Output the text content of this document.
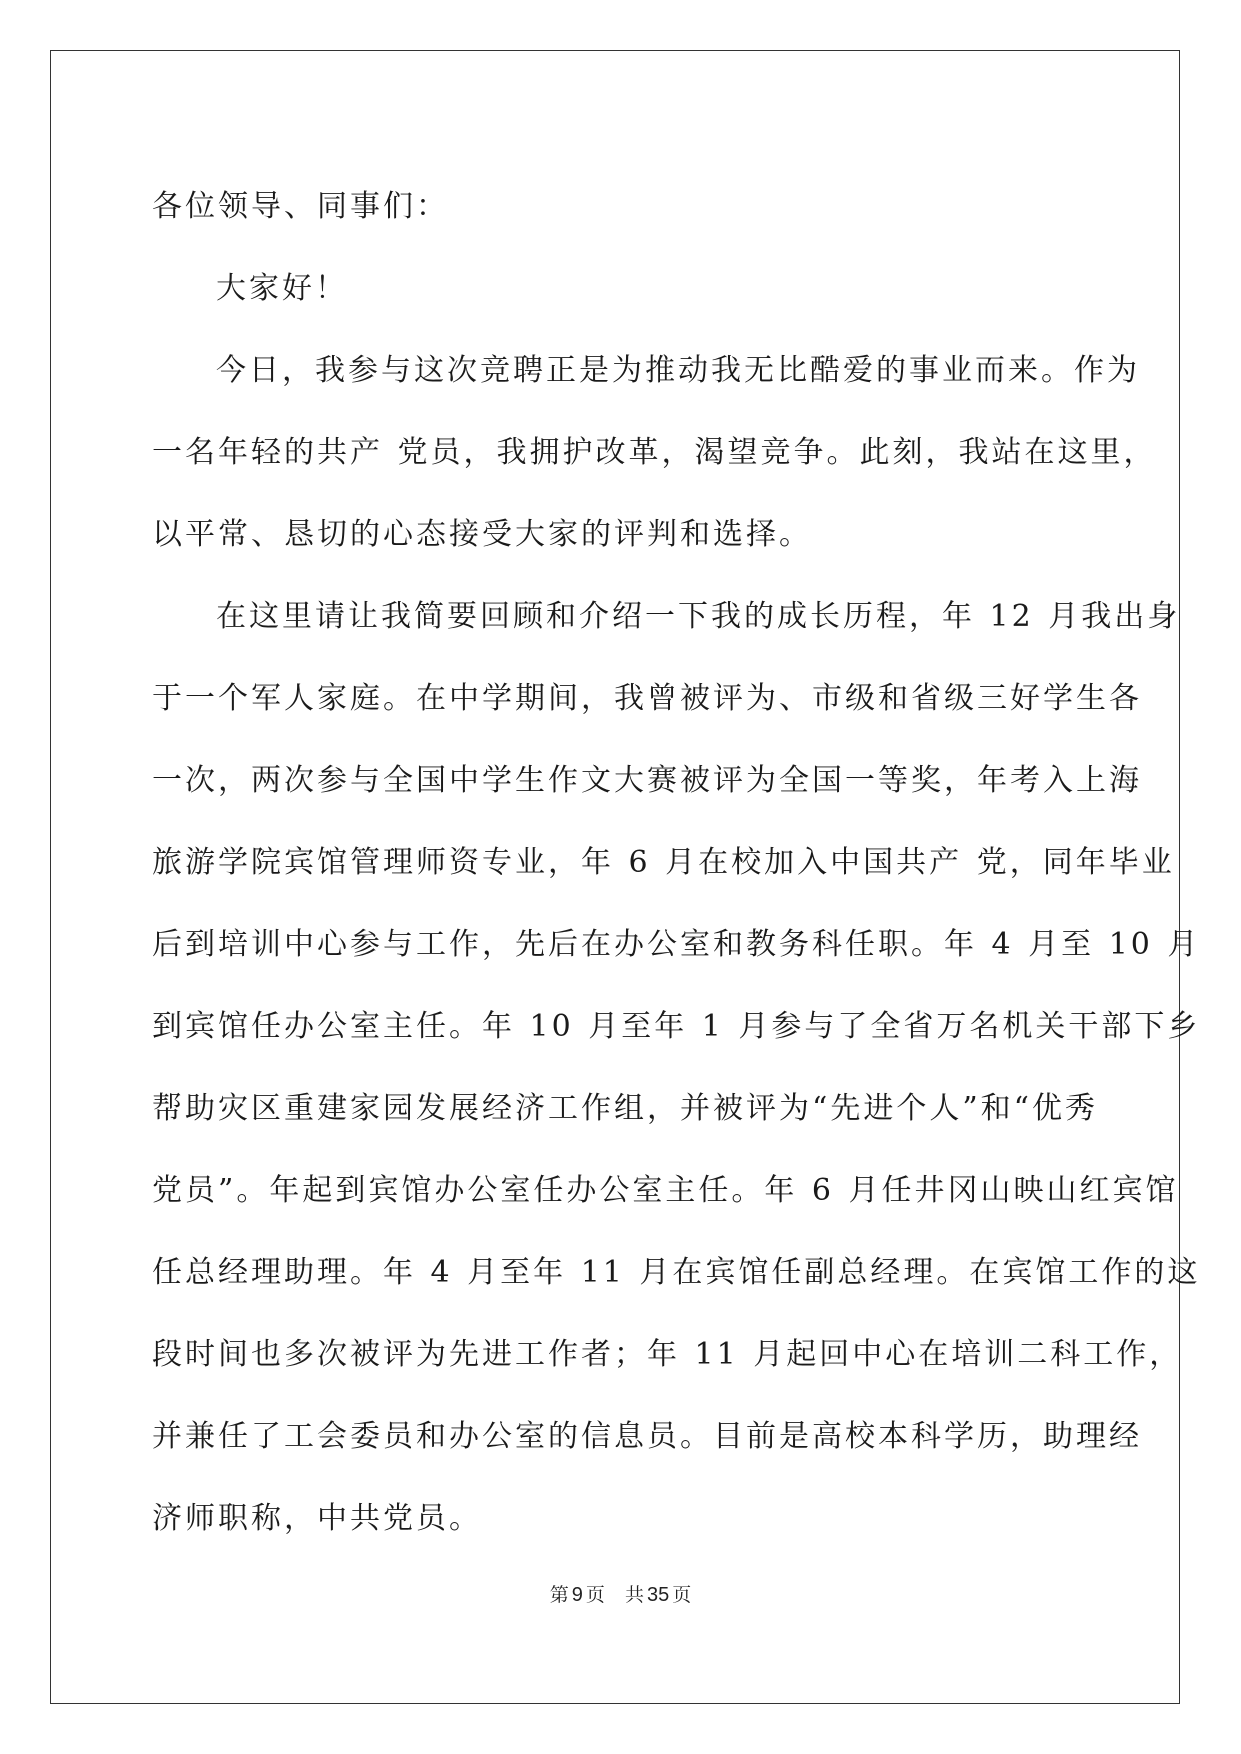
各位领导、同事们：
大家好！
今日，我参与这次竞聘正是为推动我无比酷爱的事业而来。作为
一名年轻的共产 党员，我拥护改革，渴望竞争。此刻，我站在这里，
以平常、恳切的心态接受大家的评判和选择。
在这里请让我简要回顾和介绍一下我的成长历程，年 12 月我出身
于一个军人家庭。在中学期间，我曾被评为、市级和省级三好学生各
一次，两次参与全国中学生作文大赛被评为全国一等奖，年考入上海
旅游学院宾馆管理师资专业，年 6 月在校加入中国共产 党，同年毕业
后到培训中心参与工作，先后在办公室和教务科任职。年 4 月至 10 月
到宾馆任办公室主任。年 10 月至年 1 月参与了全省万名机关干部下乡
帮助灾区重建家园发展经济工作组，并被评为“先进个人”和“优秀
党员”。年起到宾馆办公室任办公室主任。年 6 月任井冈山映山红宾馆
任总经理助理。年 4 月至年 11 月在宾馆任副总经理。在宾馆工作的这
段时间也多次被评为先进工作者；年 11 月起回中心在培训二科工作，
并兼任了工会委员和办公室的信息员。目前是高校本科学历，助理经
济师职称，中共党员。
第 9 页 共 35 页
